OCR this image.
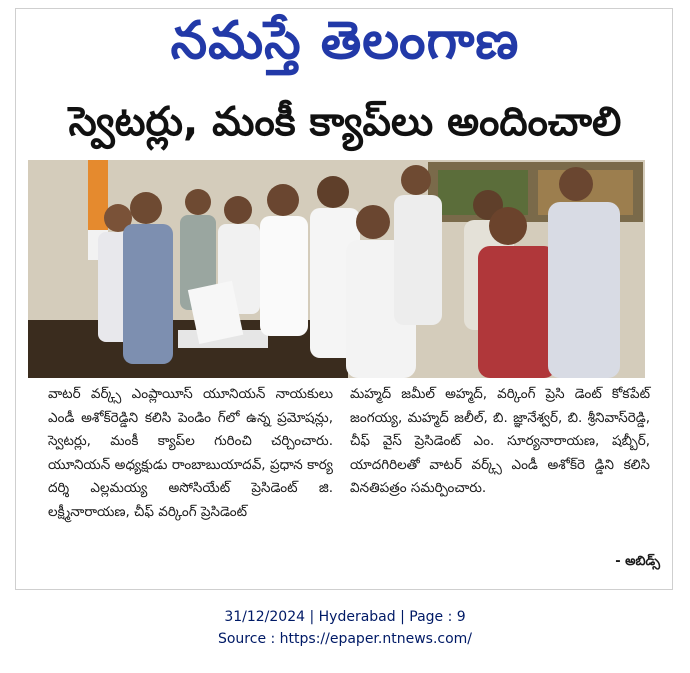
నమస్తే తెలంగాణ
స్వెటర్లు, మంకీ క్యాప్‌లు అందించాలి

వాటర్ వర్క్స్ ఎంప్లాయీస్ యూనియన్ నాయకులు ఎండీ అశోక్‌రెడ్డిని కలిసి పెండిం గ్‌లో ఉన్న ప్రమోషన్లు, స్వెటర్లు, మంకీ క్యాప్‌ల గురించి చర్చించారు. యూనియన్ అధ్యక్షుడు రాంబాబుయాదవ్, ప్రధాన కార్య దర్శి ఎల్లమయ్య అసోసియేట్ ప్రెసిడెంట్ జి. లక్ష్మీనారాయణ, చీఫ్ వర్కింగ్ ప్రెసిడెంట్

మహ్మద్ జమీల్ అహ్మద్, వర్కింగ్ ప్రెసి డెంట్ కోకపేట్ జంగయ్య, మహ్మద్ జలీల్, బి. జ్ఞానేశ్వర్, బి. శ్రీనివాస్‌రెడ్డి, చీఫ్ వైస్ ప్రెసిడెంట్ ఎం. సూర్యనారాయణ, షబ్బీర్, యాదగిరిలతో వాటర్ వర్క్స్ ఎండీ అశోక్‌రె డ్డిని కలిసి వినతిపత్రం సమర్పించారు.

- అబిడ్స్
31/12/2024 | Hyderabad | Page : 9
Source : https://epaper.ntnews.com/
